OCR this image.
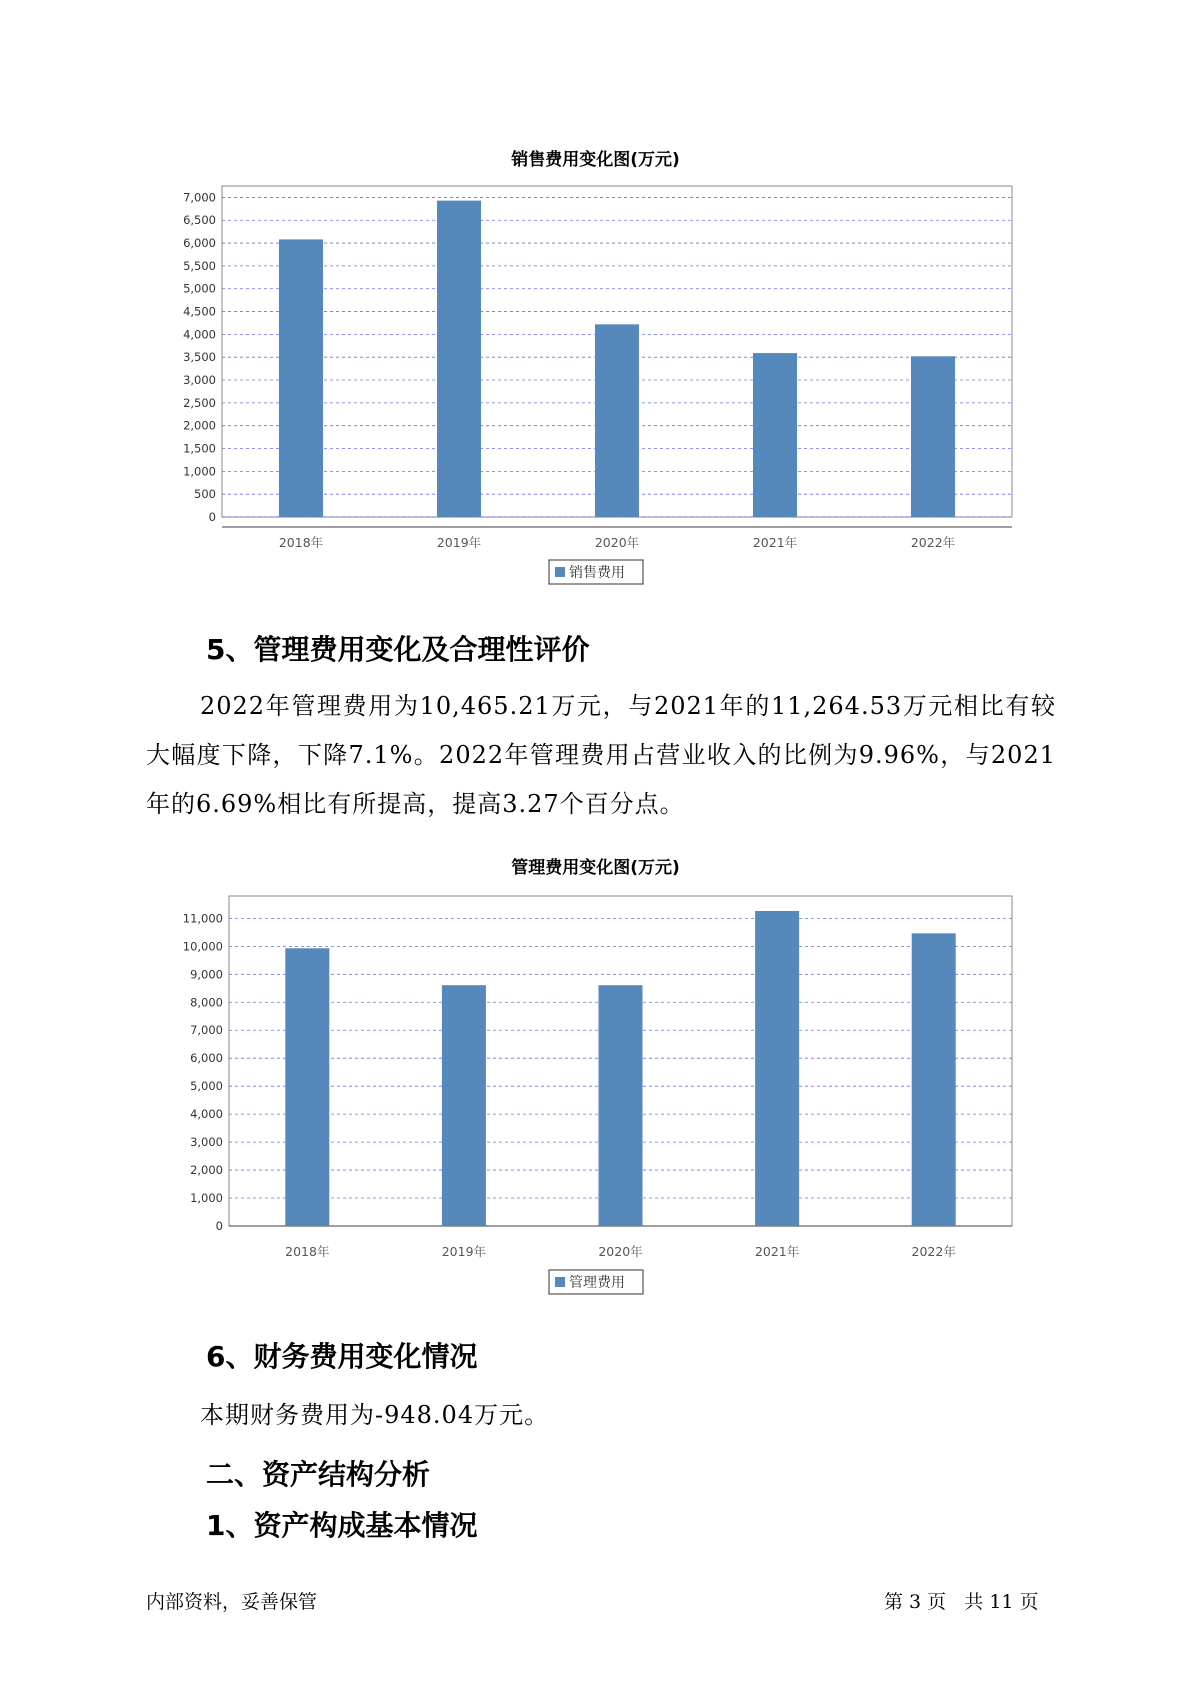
销售费用变化图(万元)
0
500
1,000
1,500
2,000
2,500
3,000
3,500
4,000
4,500
5,000
5,500
6,000
6,500
7,000
2018年	2019年	2020年	2021年	2022年
销售费用
5、管理费用变化及合理性评价
2022年管理费用为10,465.21万元，与2021年的11,264.53万元相比有较大幅度下降，下降7.1%。2022年管理费用占营业收入的比例为9.96%，与2021年的6.69%相比有所提高，提高3.27个百分点。
管理费用变化图(万元)
0
1,000
2,000
3,000
4,000
5,000
6,000
7,000
8,000
9,000
10,000
11,000
2018年	2019年	2020年	2021年	2022年
管理费用
6、财务费用变化情况
本期财务费用为-948.04万元。
二、资产结构分析
1、资产构成基本情况
内部资料，妥善保管	第 3 页   共 11 页
